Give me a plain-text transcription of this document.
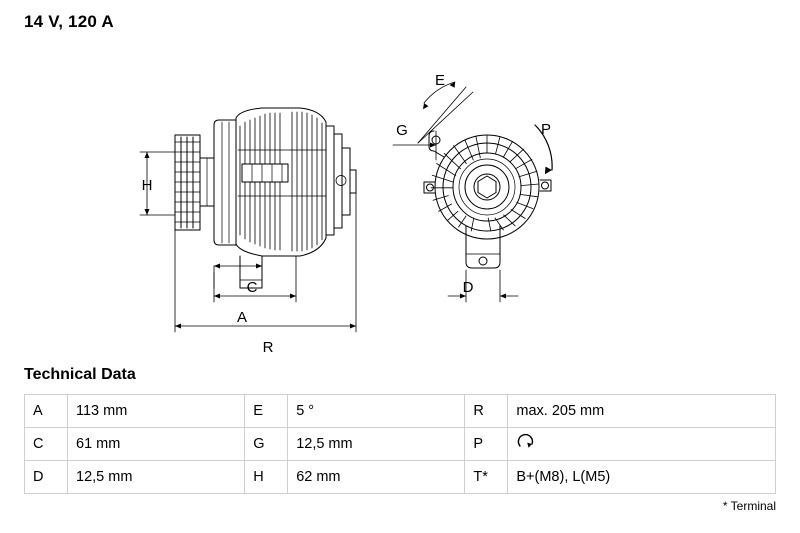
14 V, 120 A
H
C
A
R
E
G	P
D
Technical Data
A	113 mm	E	5 °	R	max. 205 mm
C	61 mm	G	12,5 mm	P	
D	12,5 mm	H	62 mm	T*	B+(M8), L(M5)
* Terminal
